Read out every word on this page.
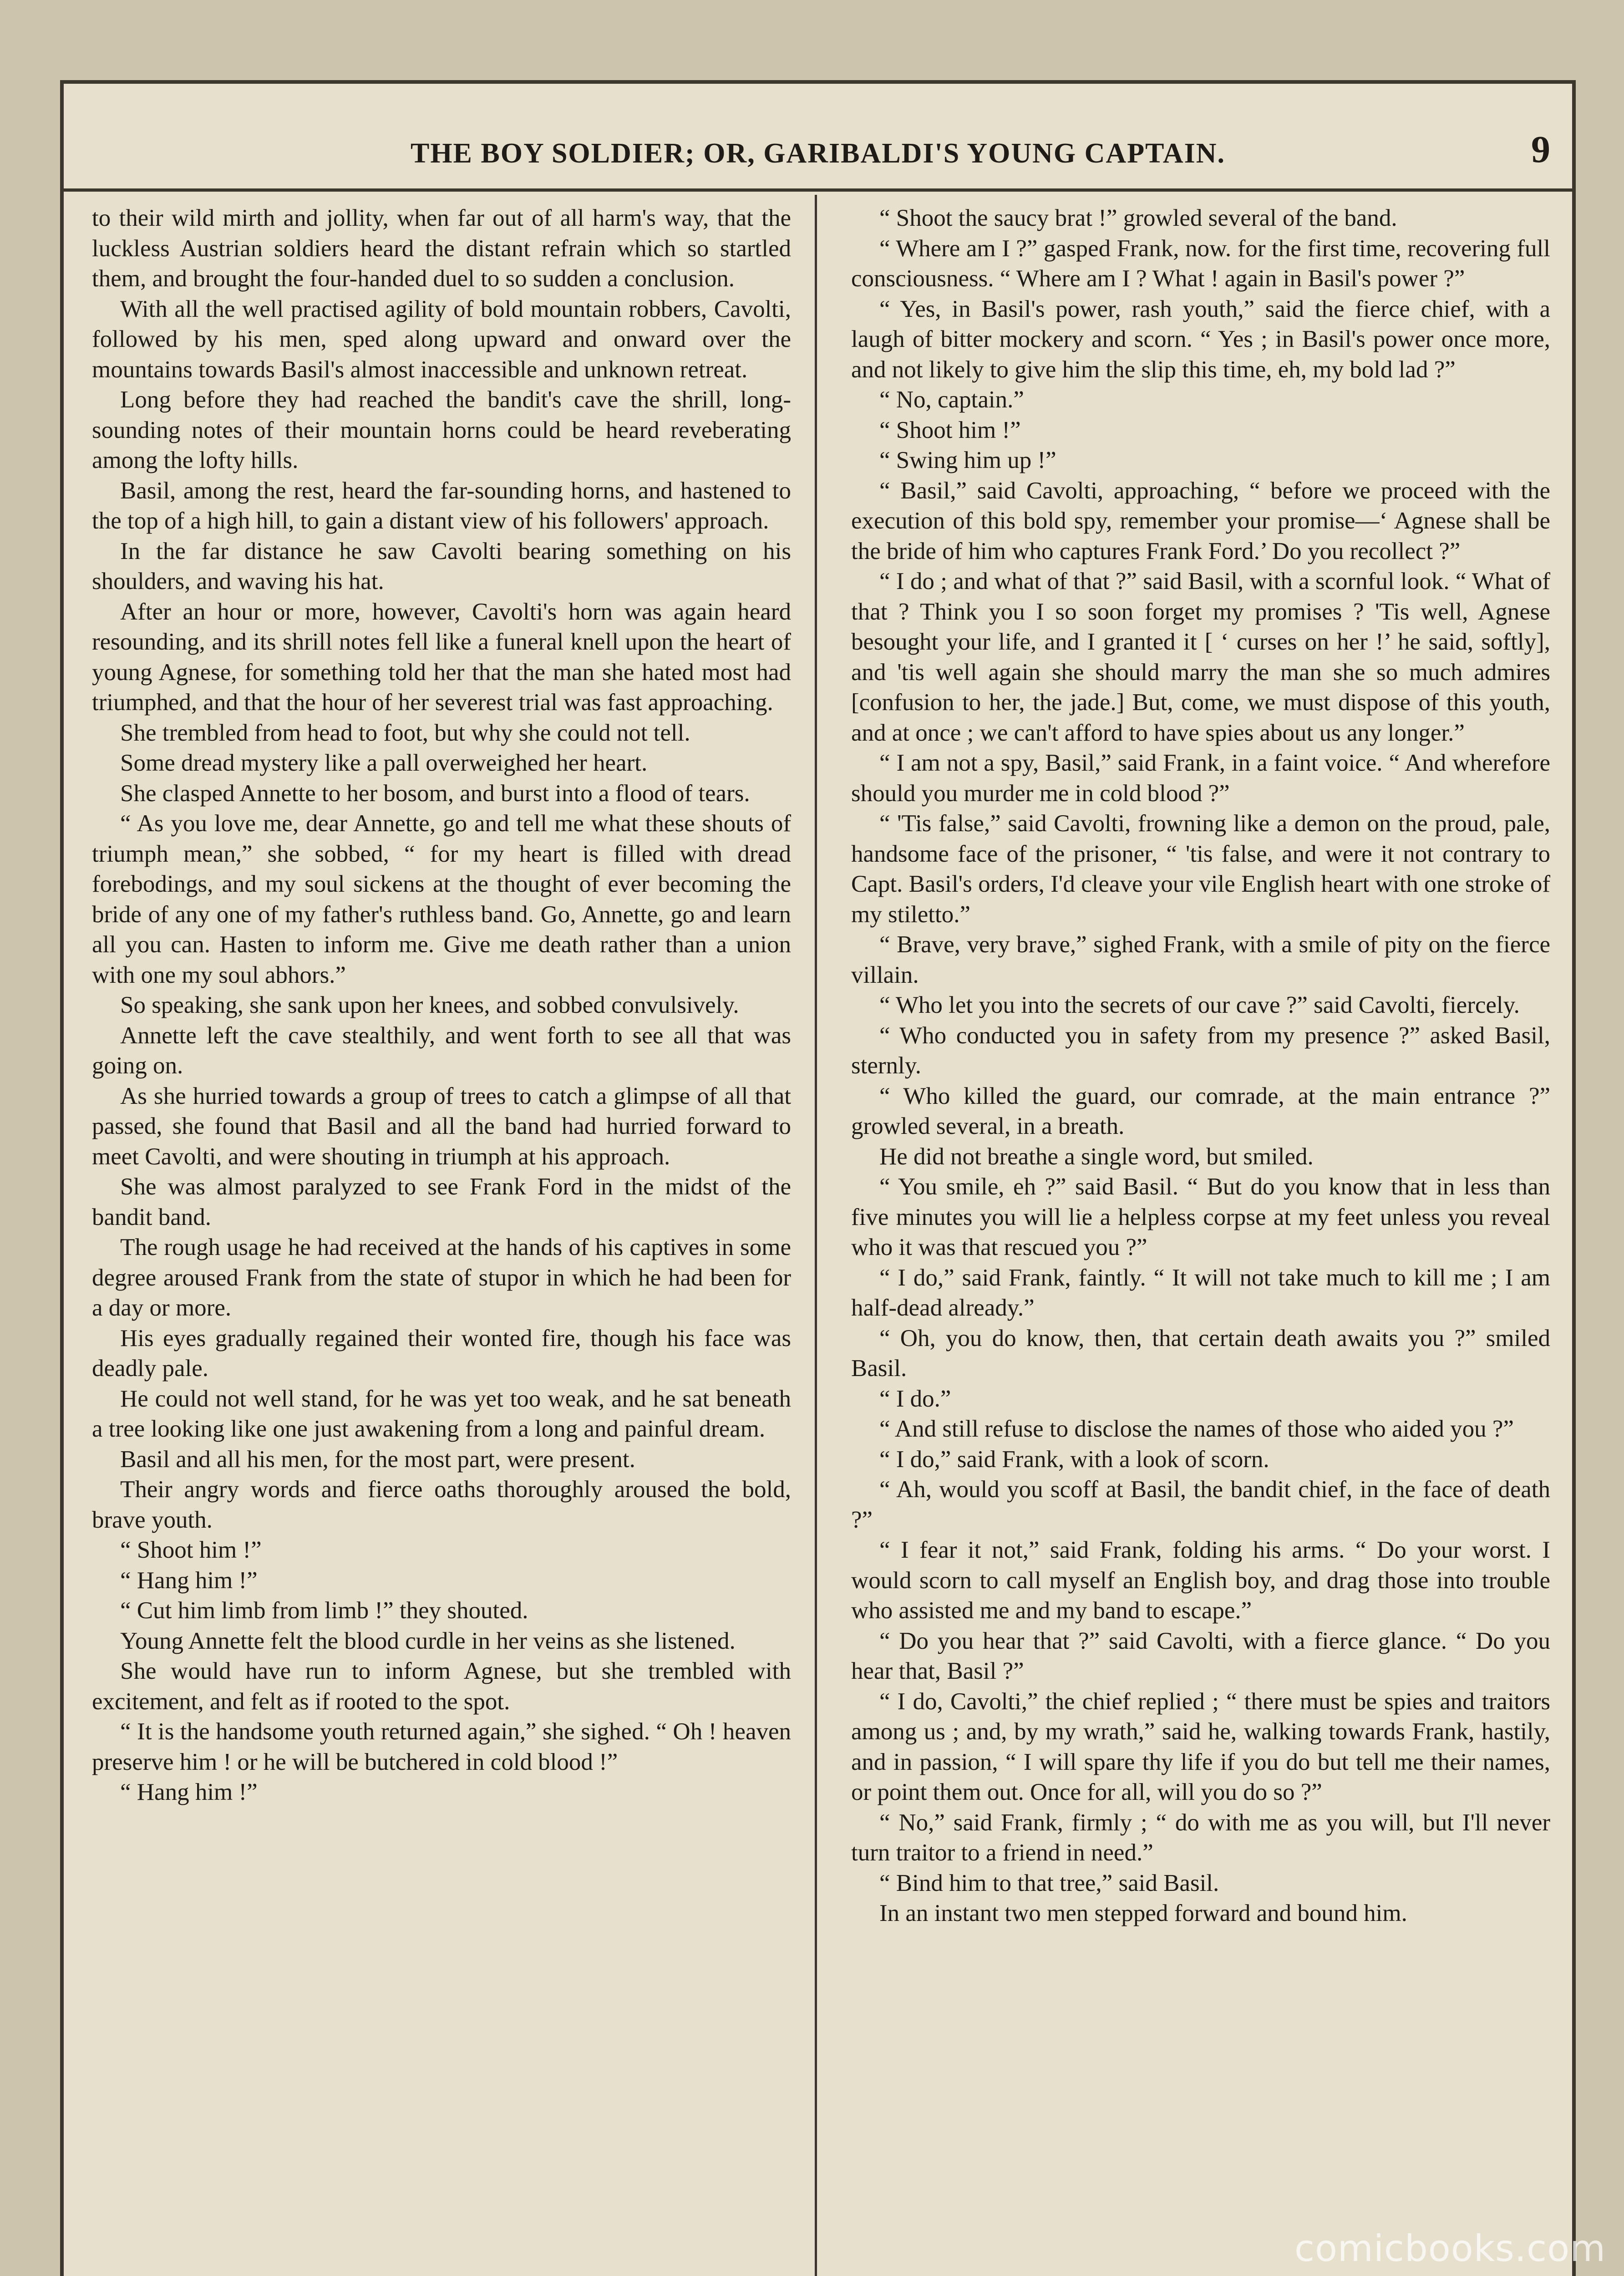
THE BOY SOLDIER; OR, GARIBALDI'S YOUNG CAPTAIN.	9

to their wild mirth and jollity, when far out of all harm's way, that the luckless Austrian soldiers heard the distant refrain which so startled them, and brought the four-handed duel to so sudden a conclusion.

With all the well practised agility of bold mountain robbers, Cavolti, followed by his men, sped along upward and onward over the mountains towards Basil's almost inaccessible and unknown retreat.

Long before they had reached the bandit's cave the shrill, long-sounding notes of their mountain horns could be heard reveberating among the lofty hills.

Basil, among the rest, heard the far-sounding horns, and hastened to the top of a high hill, to gain a distant view of his followers' approach.

In the far distance he saw Cavolti bearing something on his shoulders, and waving his hat.

After an hour or more, however, Cavolti's horn was again heard resounding, and its shrill notes fell like a funeral knell upon the heart of young Agnese, for something told her that the man she hated most had triumphed, and that the hour of her severest trial was fast approaching.

She trembled from head to foot, but why she could not tell.

Some dread mystery like a pall overweighed her heart.

She clasped Annette to her bosom, and burst into a flood of tears.

“ As you love me, dear Annette, go and tell me what these shouts of triumph mean,” she sobbed, “ for my heart is filled with dread forebodings, and my soul sickens at the thought of ever becoming the bride of any one of my father's ruthless band. Go, Annette, go and learn all you can. Hasten to inform me. Give me death rather than a union with one my soul abhors.”

So speaking, she sank upon her knees, and sobbed convulsively.

Annette left the cave stealthily, and went forth to see all that was going on.

As she hurried towards a group of trees to catch a glimpse of all that passed, she found that Basil and all the band had hurried forward to meet Cavolti, and were shouting in triumph at his approach.

She was almost paralyzed to see Frank Ford in the midst of the bandit band.

The rough usage he had received at the hands of his captives in some degree aroused Frank from the state of stupor in which he had been for a day or more.

His eyes gradually regained their wonted fire, though his face was deadly pale.

He could not well stand, for he was yet too weak, and he sat beneath a tree looking like one just awakening from a long and painful dream.

Basil and all his men, for the most part, were present.

Their angry words and fierce oaths thoroughly aroused the bold, brave youth.

“ Shoot him !”

“ Hang him !”

“ Cut him limb from limb !” they shouted.

Young Annette felt the blood curdle in her veins as she listened.

She would have run to inform Agnese, but she trembled with excitement, and felt as if rooted to the spot.

“ It is the handsome youth returned again,” she sighed. “ Oh ! heaven preserve him ! or he will be butchered in cold blood !”

“ Hang him !”

“ Shoot the saucy brat !” growled several of the band.

“ Where am I ?” gasped Frank, now. for the first time, recovering full consciousness. “ Where am I ? What ! again in Basil's power ?”

“ Yes, in Basil's power, rash youth,” said the fierce chief, with a laugh of bitter mockery and scorn. “ Yes ; in Basil's power once more, and not likely to give him the slip this time, eh, my bold lad ?”

“ No, captain.”

“ Shoot him !”

“ Swing him up !”

“ Basil,” said Cavolti, approaching, “ before we proceed with the execution of this bold spy, remember your promise—‘ Agnese shall be the bride of him who captures Frank Ford.’ Do you recollect ?”

“ I do ; and what of that ?” said Basil, with a scornful look. “ What of that ? Think you I so soon forget my promises ? 'Tis well, Agnese besought your life, and I granted it [ ‘ curses on her !’ he said, softly], and 'tis well again she should marry the man she so much admires [confusion to her, the jade.] But, come, we must dispose of this youth, and at once ; we can't afford to have spies about us any longer.”

“ I am not a spy, Basil,” said Frank, in a faint voice. “ And wherefore should you murder me in cold blood ?”

“ 'Tis false,” said Cavolti, frowning like a demon on the proud, pale, handsome face of the prisoner, “ 'tis false, and were it not contrary to Capt. Basil's orders, I'd cleave your vile English heart with one stroke of my stiletto.”

“ Brave, very brave,” sighed Frank, with a smile of pity on the fierce villain.

“ Who let you into the secrets of our cave ?” said Cavolti, fiercely.

“ Who conducted you in safety from my presence ?” asked Basil, sternly.

“ Who killed the guard, our comrade, at the main entrance ?” growled several, in a breath.

He did not breathe a single word, but smiled.

“ You smile, eh ?” said Basil. “ But do you know that in less than five minutes you will lie a helpless corpse at my feet unless you reveal who it was that rescued you ?”

“ I do,” said Frank, faintly. “ It will not take much to kill me ; I am half-dead already.”

“ Oh, you do know, then, that certain death awaits you ?” smiled Basil.

“ I do.”

“ And still refuse to disclose the names of those who aided you ?”

“ I do,” said Frank, with a look of scorn.

“ Ah, would you scoff at Basil, the bandit chief, in the face of death ?”

“ I fear it not,” said Frank, folding his arms. “ Do your worst. I would scorn to call myself an English boy, and drag those into trouble who assisted me and my band to escape.”

“ Do you hear that ?” said Cavolti, with a fierce glance. “ Do you hear that, Basil ?”

“ I do, Cavolti,” the chief replied ; “ there must be spies and traitors among us ; and, by my wrath,” said he, walking towards Frank, hastily, and in passion, “ I will spare thy life if you do but tell me their names, or point them out. Once for all, will you do so ?”

“ No,” said Frank, firmly ; “ do with me as you will, but I'll never turn traitor to a friend in need.”

“ Bind him to that tree,” said Basil.

In an instant two men stepped forward and bound him.

comicbooks.com
